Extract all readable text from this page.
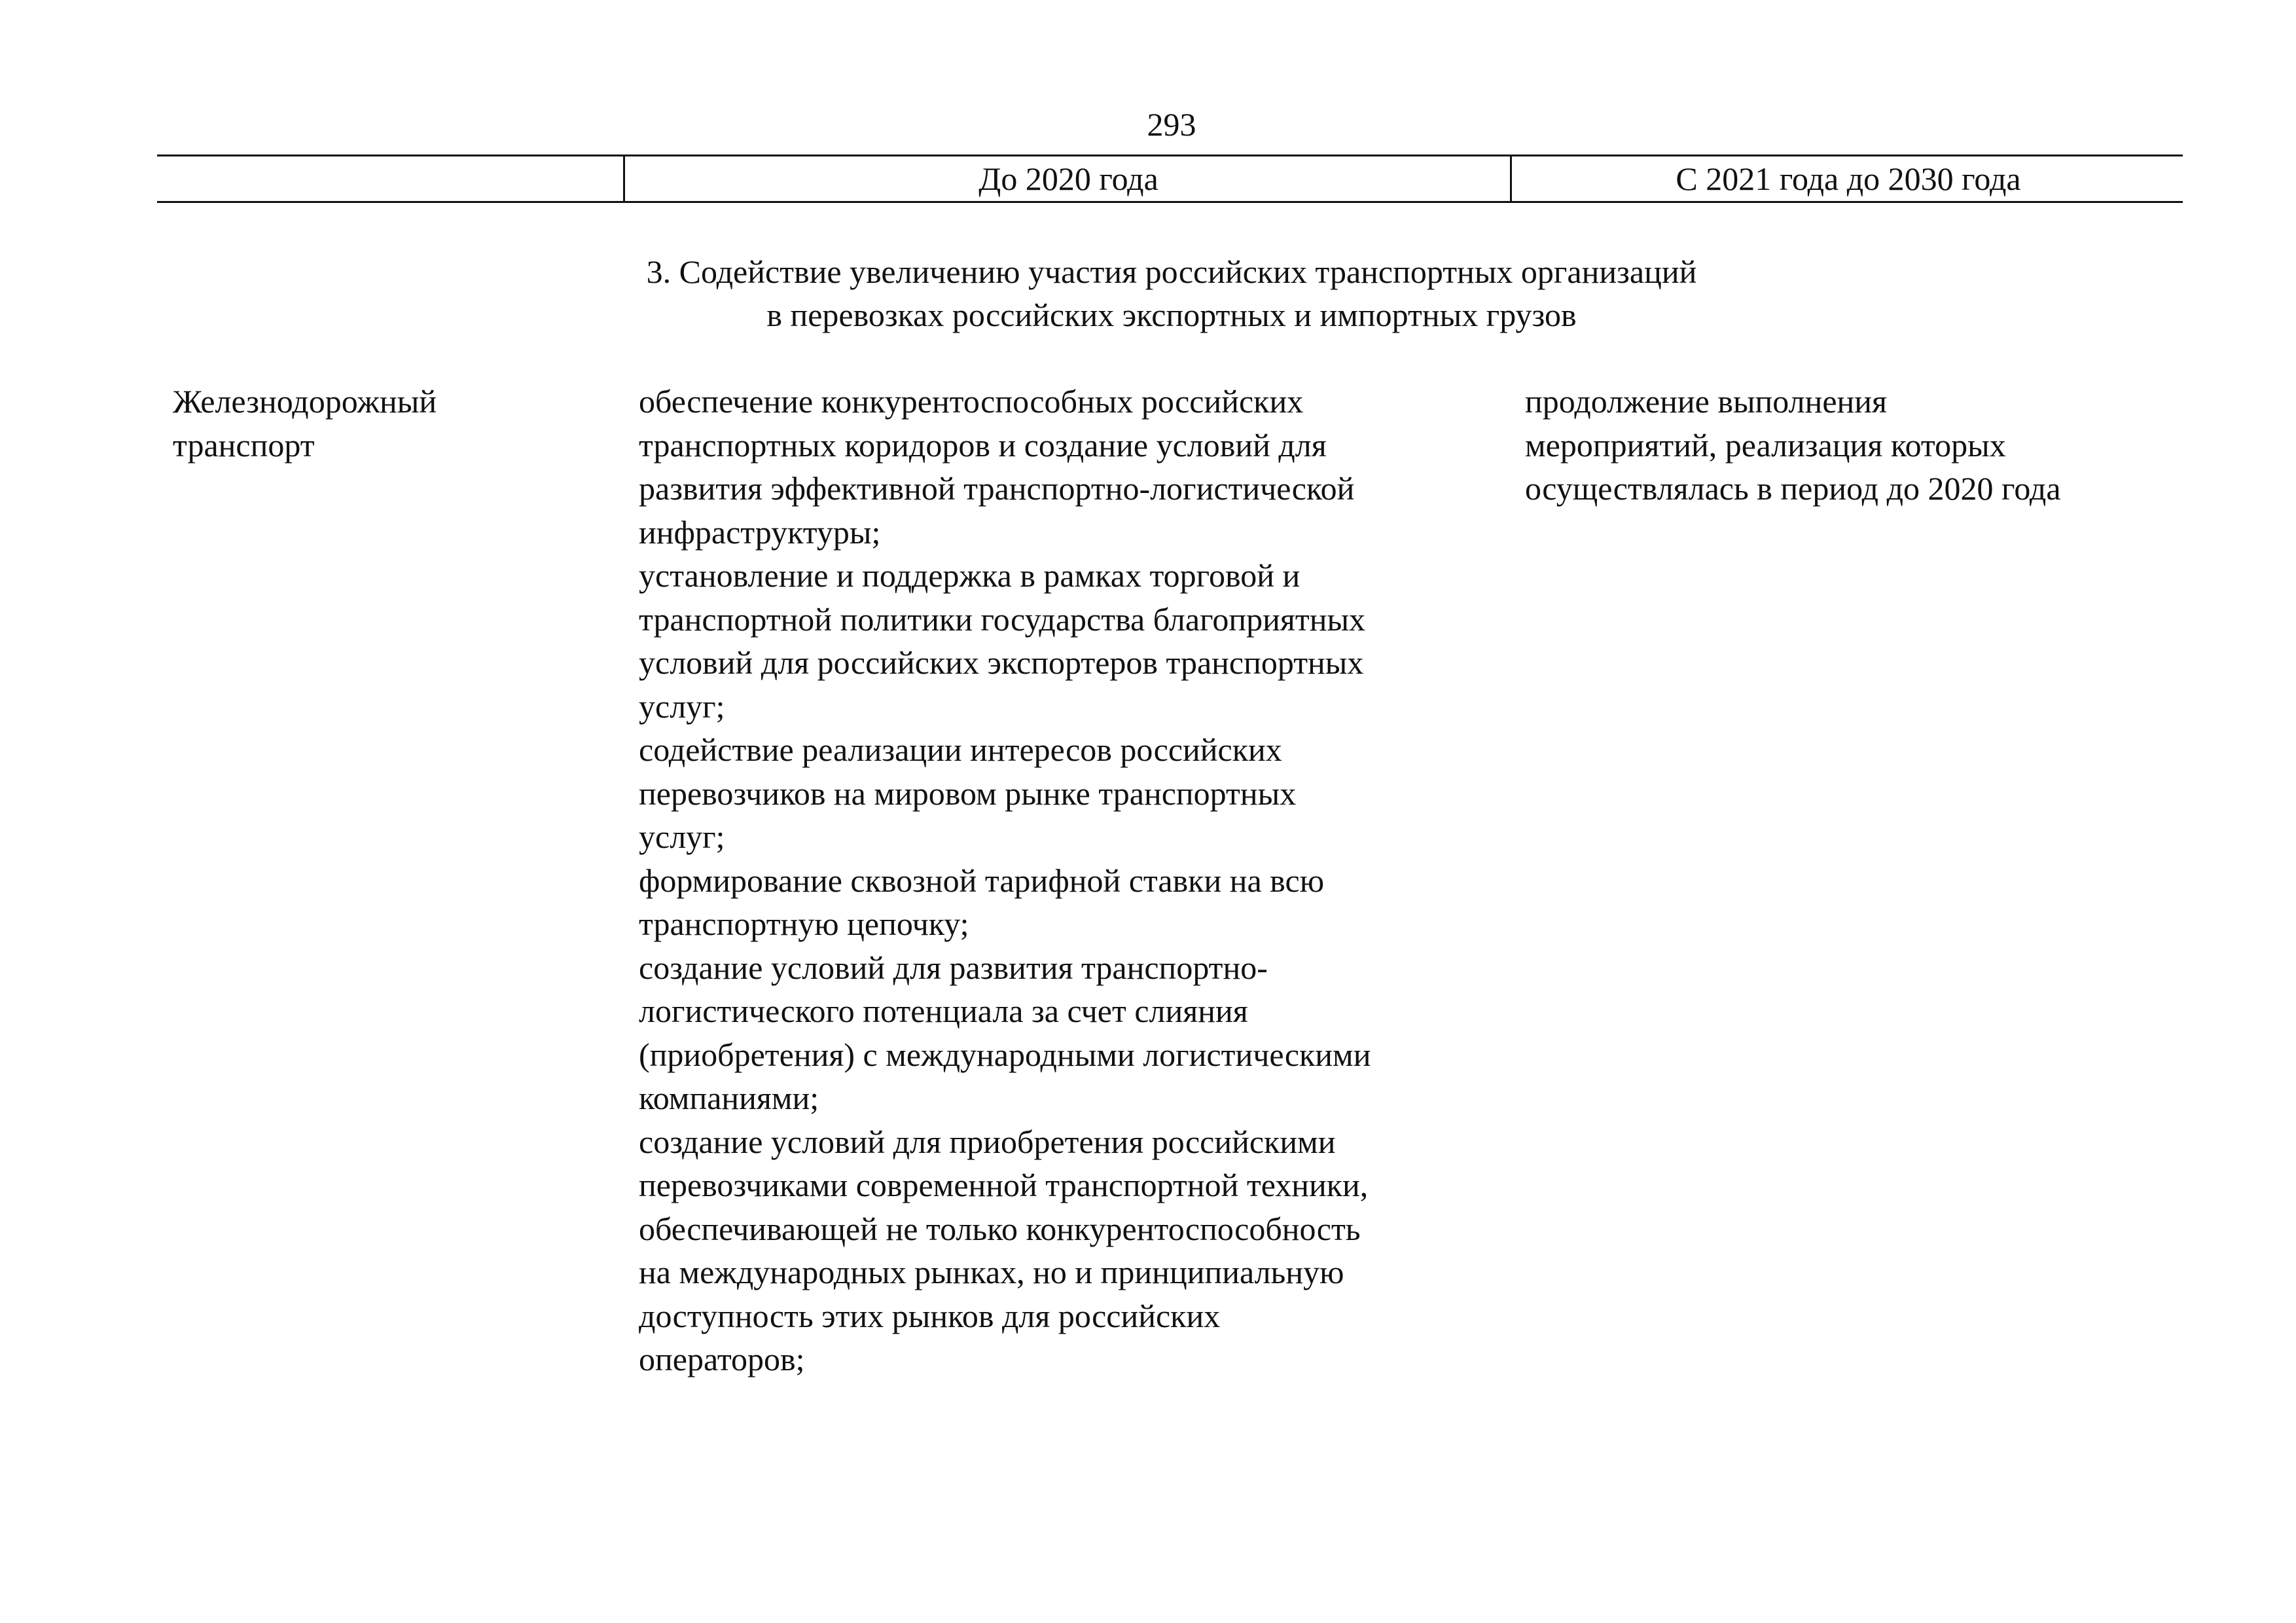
293
До 2020 года	С 2021 года до 2030 года
3. Содействие увеличению участия российских транспортных организаций
в перевозках российских экспортных и импортных грузов
Железнодорожный
транспорт
обеспечение конкурентоспособных российских
транспортных коридоров и создание условий для
развития эффективной транспортно-логистической
инфраструктуры;
установление и поддержка в рамках торговой и
транспортной политики государства благоприятных
условий для российских экспортеров транспортных
услуг;
содействие реализации интересов российских
перевозчиков на мировом рынке транспортных
услуг;
формирование сквозной тарифной ставки на всю
транспортную цепочку;
создание условий для развития транспортно-
логистического потенциала за счет слияния
(приобретения) с международными логистическими
компаниями;
создание условий для приобретения российскими
перевозчиками современной транспортной техники,
обеспечивающей не только конкурентоспособность
на международных рынках, но и принципиальную
доступность этих рынков для российских
операторов;
продолжение выполнения
мероприятий, реализация которых
осуществлялась в период до 2020 года
